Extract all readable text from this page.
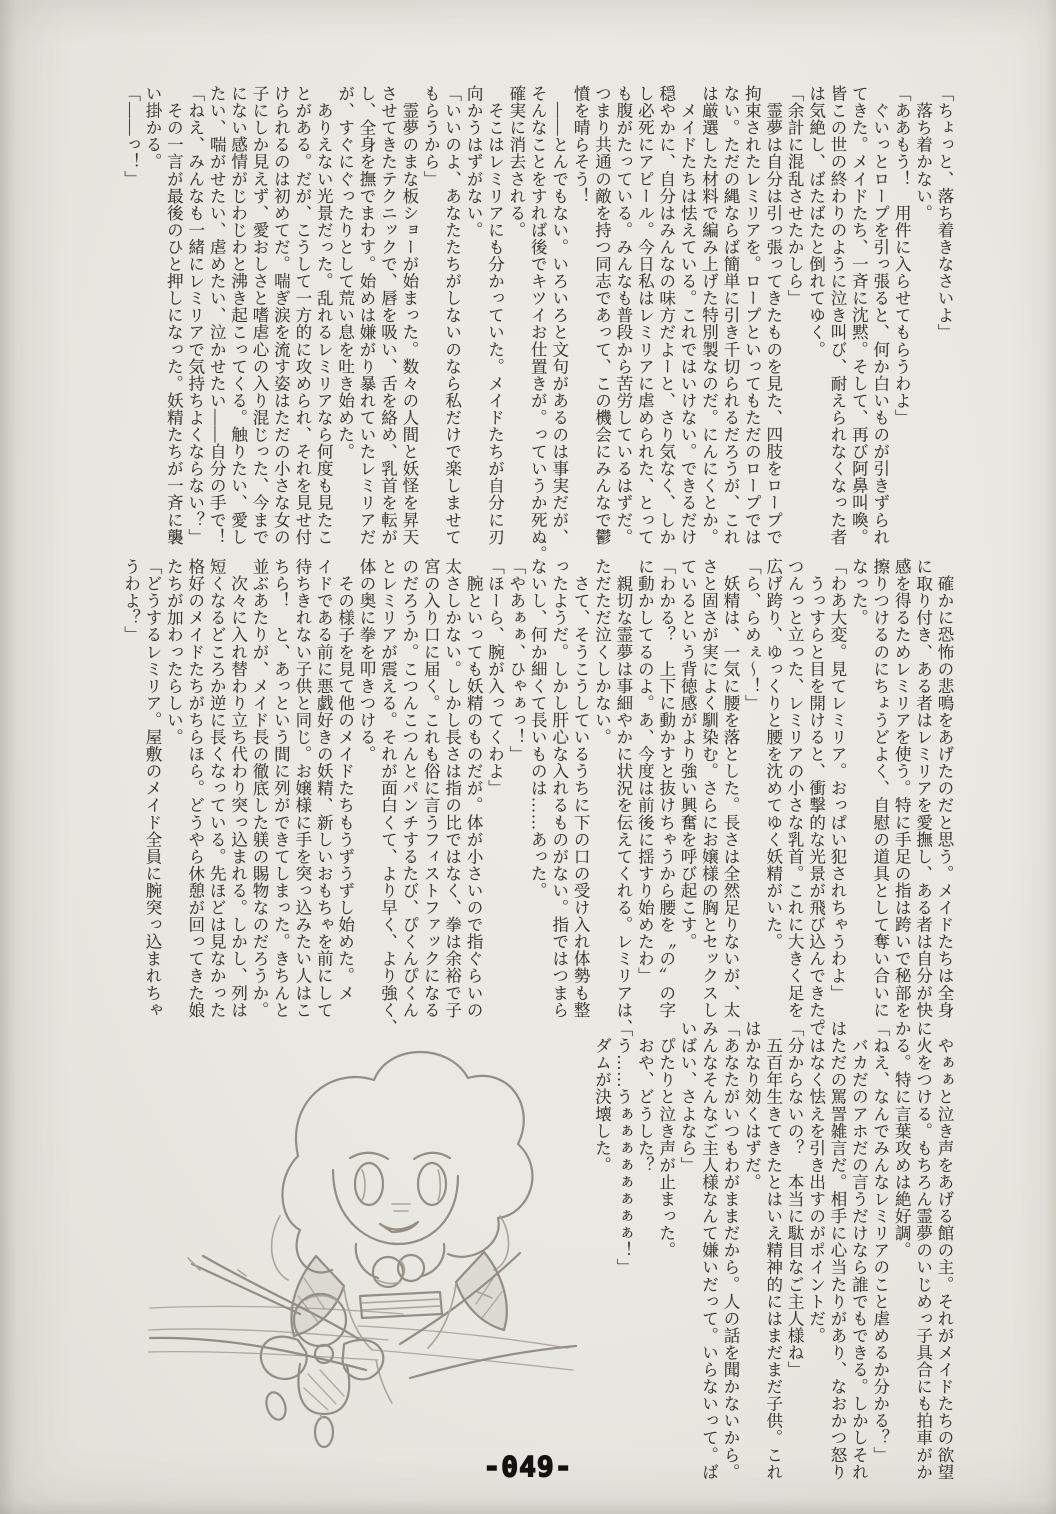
「ちょっと、落ち着きなさいよ」
　落ち着かない。
「ああもう！　用件に入らせてもらうわよ」
　ぐいっとロープを引っ張ると、何か白いものが引きずられ
てきた。メイドたち、一斉に沈黙。そして、再び阿鼻叫喚。
皆この世の終わりのように泣き叫び、耐えられなくなった者
は気絶し、ばたばたと倒れてゆく。
「余計に混乱させたかしら」
　霊夢は自分は引っ張ってきたものを見た、四肢をロープで
拘束されたレミリアを。ロープといってもただのロープでは
ない。ただの縄ならば簡単に引き千切られるだろうが、これ
は厳選した材料で編み上げた特別製なのだ。にんにくとか。
　メイドたちは怯えている。これではいけない。できるだけ
穏やかに、自分はみんなの味方だよーと、さり気なく、しか
し必死にアピール。今日私はレミリアに虐められた、とって
も腹がたっている。みんなも普段から苦労しているはずだ。
つまり共通の敵を持つ同志であって、この機会にみんなで鬱
憤を晴らそう！
　――とんでもない。いろいろと文句があるのは事実だが、
そんなことをすれば後でキツイお仕置きが。っていうか死ぬ。
確実に消去される。
　そこはレミリアにも分かっていた。メイドたちが自分に刃
向かうはずがない。
「いいのよ、あなたたちがしないのなら私だけで楽しませて
もらうから」
　霊夢のまな板ショーが始まった。数々の人間と妖怪を昇天
させてきたテクニックで、唇を吸い、舌を絡め、乳首を転が
し、全身を撫でまわす。始めは嫌がり暴れていたレミリアだ
が、すぐにぐったりとして荒い息を吐き始めた。
　ありえない光景だった。乱れるレミリアなら何度も見たこ
とがある。だが、こうして一方的に攻められ、それを見せ付
けられるのは初めてだ。喘ぎ涙を流す姿はただの小さな女の
子にしか見えず、愛おしさと嗜虐心の入り混じった、今まで
にない感情がじわじわと沸き起こってくる。触りたい、愛し
たい、喘がせたい、虐めたい、泣かせたい――自分の手で！
「ねえ、みんなも一緒にレミリアで気持ちよくならない？」
　その一言が最後のひと押しになった。妖精たちが一斉に襲
い掛かる。
「――っ！」
　確かに恐怖の悲鳴をあげたのだと思う。メイドたちは全身
に取り付き、ある者はレミリアを愛撫し、ある者は自分が快
感を得るためレミリアを使う。特に手足の指は跨いで秘部を
擦りつけるのにちょうどよく、自慰の道具として奪い合いに
なった。
「わあ大変。見てレミリア。おっぱい犯されちゃうわよ」
　うっすらと目を開けると、衝撃的な光景が飛び込んできた。
つんっと立った、レミリアの小さな乳首。これに大きく足を
広げ跨り、ゆっくりと腰を沈めてゆく妖精がいた。
「ら、らめぇ～！」
　妖精は、一気に腰を落とした。長さは全然足りないが、太
さと固さが実によく馴染む。さらにお嬢様の胸とセックスし
ているという背徳感がより強い興奮を呼び起こす。
「わかる？　上下に動かすと抜けちゃうから腰を〝の〟の字
に動かしてるのよ。あ、今度は前後に揺すり始めたわ」
　親切な霊夢は事細やかに状況を伝えてくれる。レミリアは、
ただただ泣くしかない。
　さて、そうこうしているうちに下の口の受け入れ体勢も整
ったようだ。しかし肝心な入れるものがない。指ではつまら
ないし、何か細くて長いものは……あった。
「やあぁぁ、ひゃぁっ！」
「ほーら、腕が入ってくわよ」
　腕といっても妖精のものだが。体が小さいので指ぐらいの
太さしかない。しかし長さは指の比ではなく、拳は余裕で子
宮の入り口に届く。これも俗に言うフィストファックになる
のだろうか。こつんこつんとパンチするたび、ぴくんぴくん
とレミリアが震える。それが面白くて、より早く、より強く、
体の奥に拳を叩きつける。
　その様子を見て他のメイドたちもうずうずし始めた。メ
イドである前に悪戯好きの妖精、新しいおもちゃを前にして
待ちきれない子供と同じ。お嬢様に手を突っ込みたい人はこ
ちら！　と、あっという間に列ができてしまった。きちんと
並ぶあたりが、メイド長の徹底した躾の賜物なのだろうか。
　次々に入れ替わり立ち代わり突っ込まれる。しかし、列は
短くなるどころか逆に長くなっている。先ほどは見なかった
格好のメイドたちがちらほら。どうやら休憩が回ってきた娘
たちが加わったらしい。
「どうするレミリア。屋敷のメイド全員に腕突っ込まれちゃ
うわよ？」
　やぁぁと泣き声をあげる館の主。それがメイドたちの欲望
に火をつける。もちろん霊夢のいじめっ子具合にも拍車がか
かる。特に言葉攻めは絶好調。
「ねえ、なんでみんなレミリアのこと虐めるか分かる？」
　バカだのアホだの言うだけなら誰でもできる。しかしそれ
はただの罵詈雑言だ。相手に心当たりがあり、なおかつ怒り
ではなく怯えを引き出すのがポイントだ。
「分からないの？　本当に駄目なご主人様ね」
　五百年生きてきたとはいえ精神的にはまだまだ子供。これ
はかなり効くはずだ。
「あなたがいつもわがままだから。人の話を聞かないから。
みんなそんなご主人様なんて嫌いだって。いらないって。ば
いばい、さよなら」
　ぴたりと泣き声が止まった。
　おや、どうした？
「う……うぁぁぁぁぁぁぁぁ！」
　ダムが決壊した。
-049-
